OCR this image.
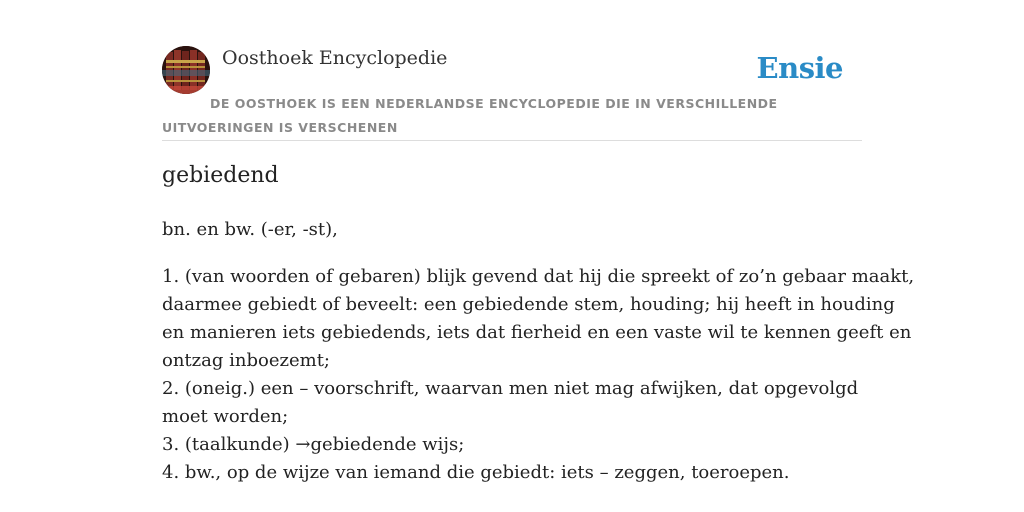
Oosthoek Encyclopedie	Ensie
DE OOSTHOEK IS EEN NEDERLANDSE ENCYCLOPEDIE DIE IN VERSCHILLENDE UITVOERINGEN IS VERSCHENEN
gebiedend

bn. en bw. (-er, -st),

1. (van woorden of gebaren) blijk gevend dat hij die spreekt of zo’n gebaar maakt,

daarmee gebiedt of beveelt: een gebiedende stem, houding; hij heeft in houding

en manieren iets gebiedends, iets dat fierheid en een vaste wil te kennen geeft en

ontzag inboezemt;

2. (oneig.) een – voorschrift, waarvan men niet mag afwijken, dat opgevolgd

moet worden;

3. (taalkunde) →gebiedende wijs;

4. bw., op de wijze van iemand die gebiedt: iets – zeggen, toeroepen.
